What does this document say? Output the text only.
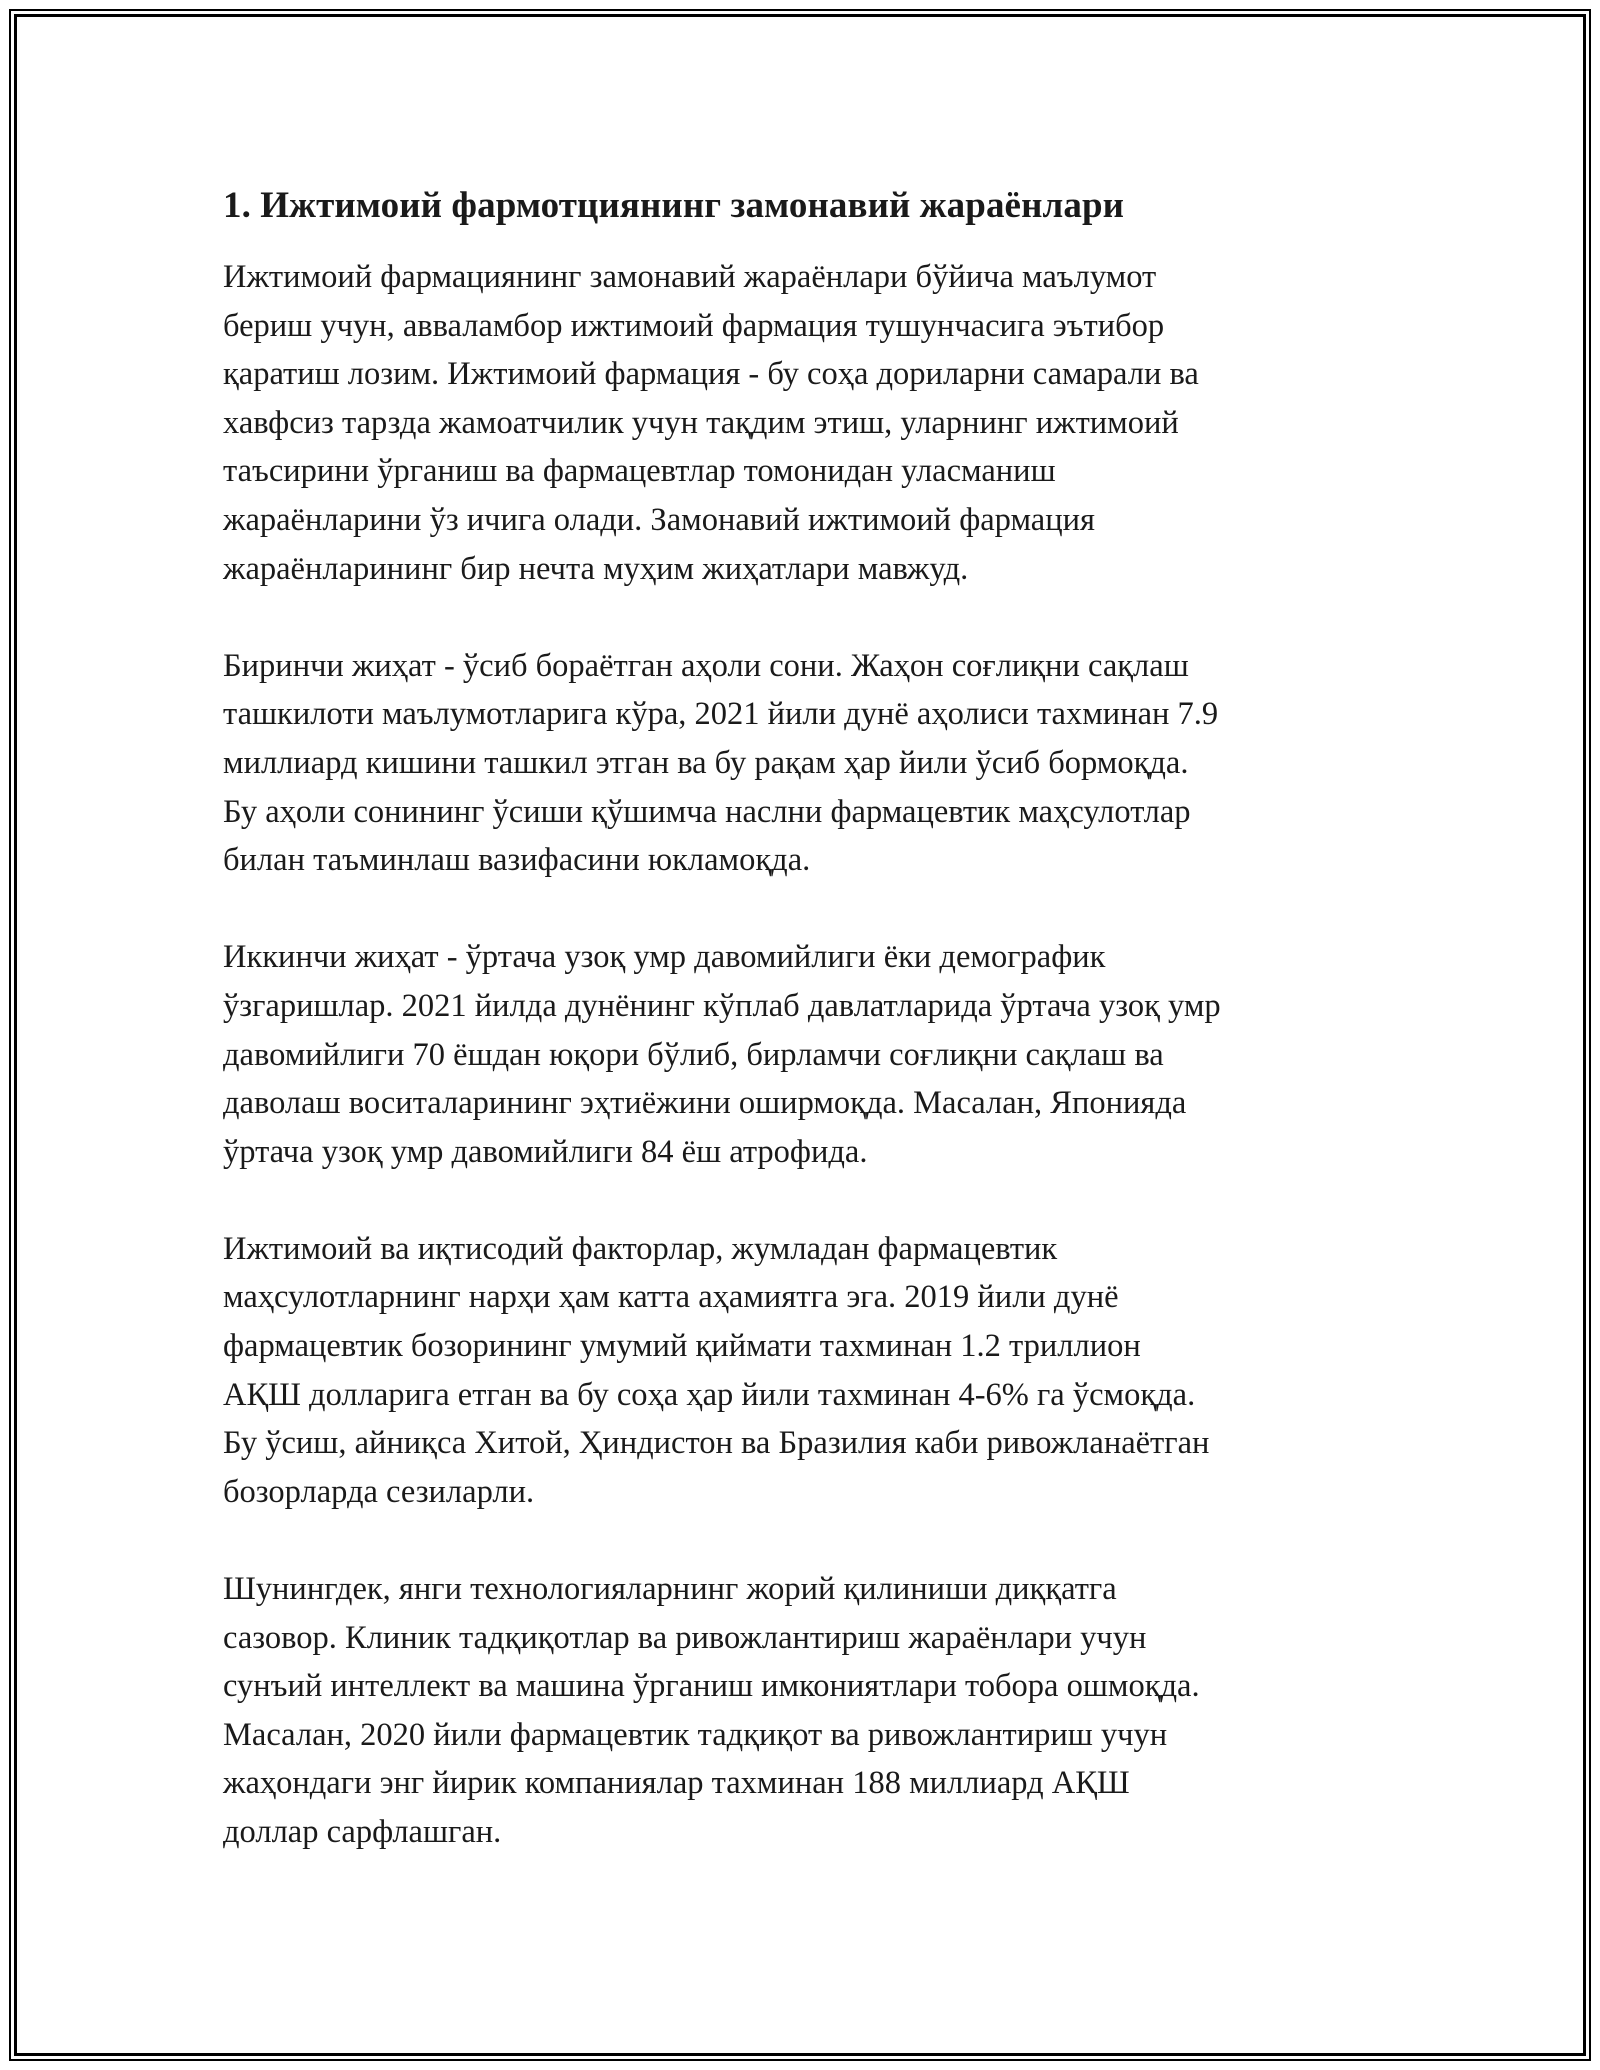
1. Ижтимоий фармотциянинг замонавий жараёнлари

Ижтимоий фармациянинг замонавий жараёнлари бўйича маълумот
бериш учун, авваламбор ижтимоий фармация тушунчасига эътибор
қаратиш лозим. Ижтимоий фармация - бу соҳа дориларни самарали ва
хавфсиз тарзда жамоатчилик учун тақдим этиш, уларнинг ижтимоий
таъсирини ўрганиш ва фармацевтлар томонидан уласманиш
жараёнларини ўз ичига олади. Замонавий ижтимоий фармация
жараёнларининг бир нечта муҳим жиҳатлари мавжуд.

Биринчи жиҳат - ўсиб бораётган аҳоли сони. Жаҳон соғлиқни сақлаш
ташкилоти маълумотларига кўра, 2021 йили дунё аҳолиси тахминан 7.9
миллиард кишини ташкил этган ва бу рақам ҳар йили ўсиб бормоқда.
Бу аҳоли сонининг ўсиши қўшимча наслни фармацевтик маҳсулотлар
билан таъминлаш вазифасини юкламоқда.

Иккинчи жиҳат - ўртача узоқ умр давомийлиги ёки демографик
ўзгаришлар. 2021 йилда дунёнинг кўплаб давлатларида ўртача узоқ умр
давомийлиги 70 ёшдан юқори бўлиб, бирламчи соғлиқни сақлаш ва
даволаш воситаларининг эҳтиёжини оширмоқда. Масалан, Японияда
ўртача узоқ умр давомийлиги 84 ёш атрофида.

Ижтимоий ва иқтисодий факторлар, жумладан фармацевтик
маҳсулотларнинг нарҳи ҳам катта аҳамиятга эга. 2019 йили дунё
фармацевтик бозорининг умумий қиймати тахминан 1.2 триллион
АҚШ долларига етган ва бу соҳа ҳар йили тахминан 4-6% га ўсмоқда.
Бу ўсиш, айниқса Хитой, Ҳиндистон ва Бразилия каби ривожланаётган
бозорларда сезиларли.

Шунингдек, янги технологияларнинг жорий қилиниши диққатга
сазовор. Клиник тадқиқотлар ва ривожлантириш жараёнлари учун
сунъий интеллект ва машина ўрганиш имкониятлари тобора ошмоқда.
Масалан, 2020 йили фармацевтик тадқиқот ва ривожлантириш учун
жаҳондаги энг йирик компаниялар тахминан 188 миллиард АҚШ
доллар сарфлашган.
